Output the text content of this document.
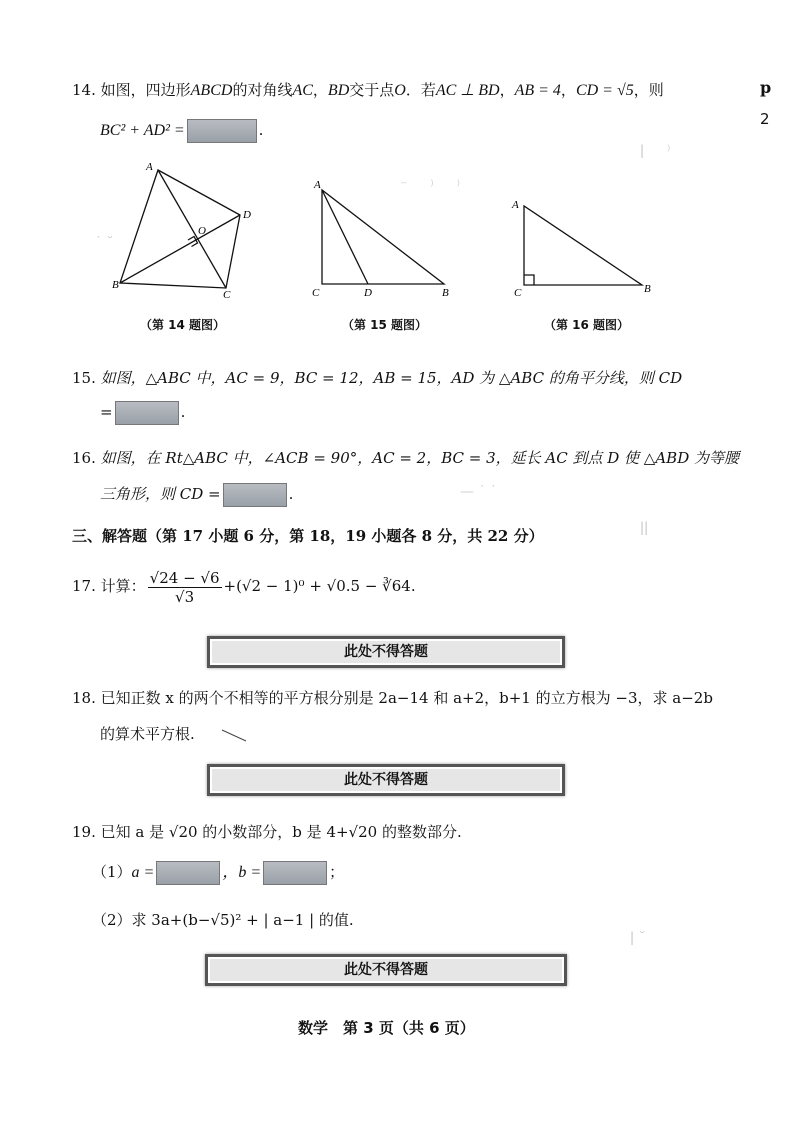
p
2
⁻ 　 ⁾ 　 ⁾
ǀ 　 ⁾
˙ ˘
— ˙ ˙
ǀǀ
ǀ ˘
14. 如图，四边形ABCD的对角线AC，BD交于点O．若AC ⊥ BD，AB = 4，CD = √5，则
BC² + AD² =	.
A
B
C
D
O
（第 14 题图）
A
C	D	B
（第 15 题图）
A
C	B
（第 16 题图）
15. 如图，△ABC 中，AC = 9，BC = 12，AB = 15，AD 为 △ABC 的角平分线，则 CD
=	.
16. 如图，在 Rt△ABC 中，∠ACB = 90°，AC = 2，BC = 3，延长 AC 到点 D 使 △ABD 为等腰
三角形，则 CD =	.
三、解答题（第 17 小题 6 分，第 18，19 小题各 8 分，共 22 分）
17. 计算： $\frac{√24 - √6}{√3} +(√2 - 1)^0 + √0.5$ − ∛64.
此处不得答题
18. 已知正数 x 的两个不相等的平方根分别是 2a−14 和 a+2，b+1 的立方根为 −3，求 a−2b
的算术平方根.
此处不得答题
19. 已知 a 是 √20 的小数部分，b 是 4+√20 的整数部分.
（1）a =	，b =	；
（2）求 3a+(b−√5)² + | a−1 | 的值.
此处不得答题
数学　第 3 页（共 6 页）
